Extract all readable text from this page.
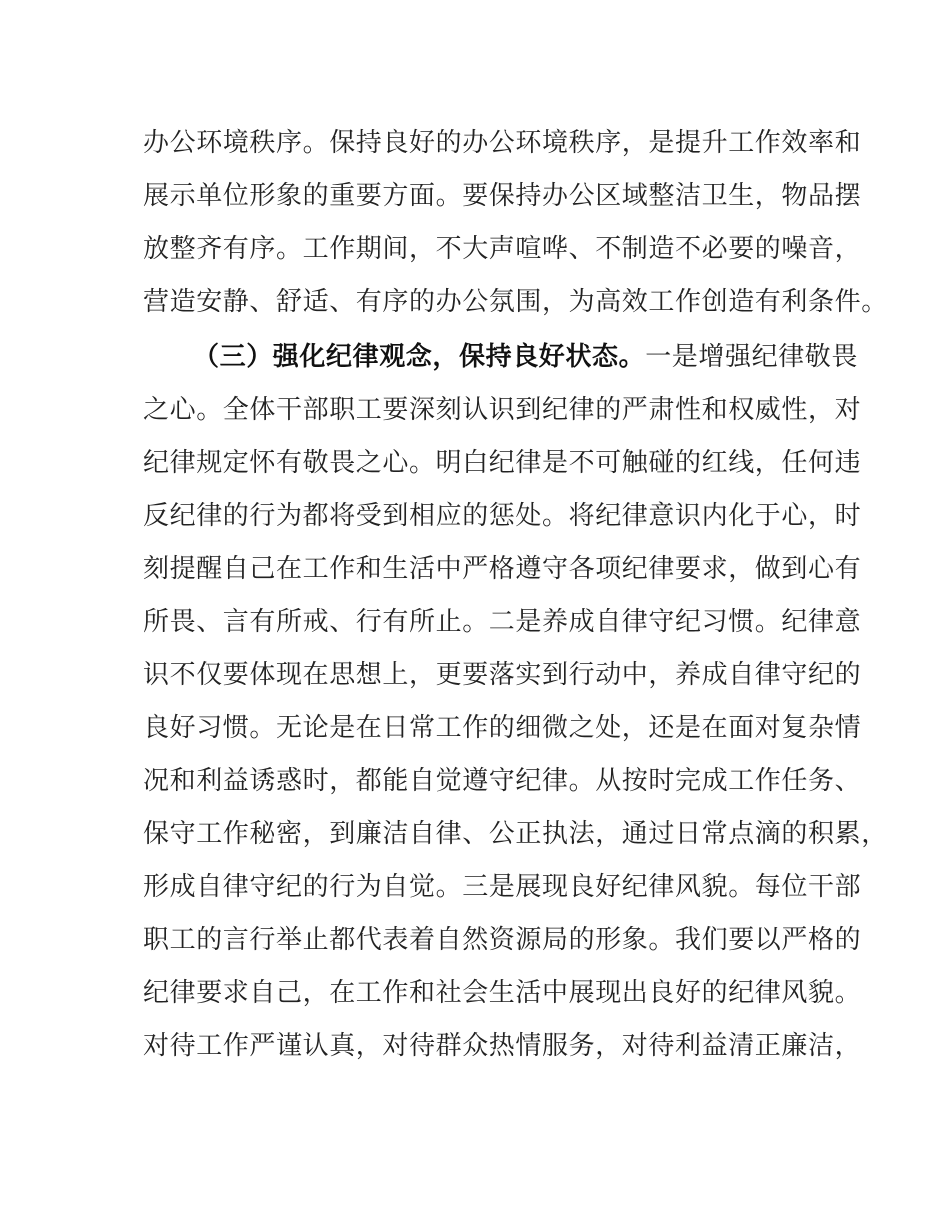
办公环境秩序。保持良好的办公环境秩序，是提升工作效率和
展示单位形象的重要方面。要保持办公区域整洁卫生，物品摆
放整齐有序。工作期间，不大声喧哗、不制造不必要的噪音，
营造安静、舒适、有序的办公氛围，为高效工作创造有利条件。
（三）强化纪律观念，保持良好状态。一是增强纪律敬畏
之心。全体干部职工要深刻认识到纪律的严肃性和权威性，对
纪律规定怀有敬畏之心。明白纪律是不可触碰的红线，任何违
反纪律的行为都将受到相应的惩处。将纪律意识内化于心，时
刻提醒自己在工作和生活中严格遵守各项纪律要求，做到心有
所畏、言有所戒、行有所止。二是养成自律守纪习惯。纪律意
识不仅要体现在思想上，更要落实到行动中，养成自律守纪的
良好习惯。无论是在日常工作的细微之处，还是在面对复杂情
况和利益诱惑时，都能自觉遵守纪律。从按时完成工作任务、
保守工作秘密，到廉洁自律、公正执法，通过日常点滴的积累，
形成自律守纪的行为自觉。三是展现良好纪律风貌。每位干部
职工的言行举止都代表着自然资源局的形象。我们要以严格的
纪律要求自己，在工作和社会生活中展现出良好的纪律风貌。
对待工作严谨认真，对待群众热情服务，对待利益清正廉洁，
